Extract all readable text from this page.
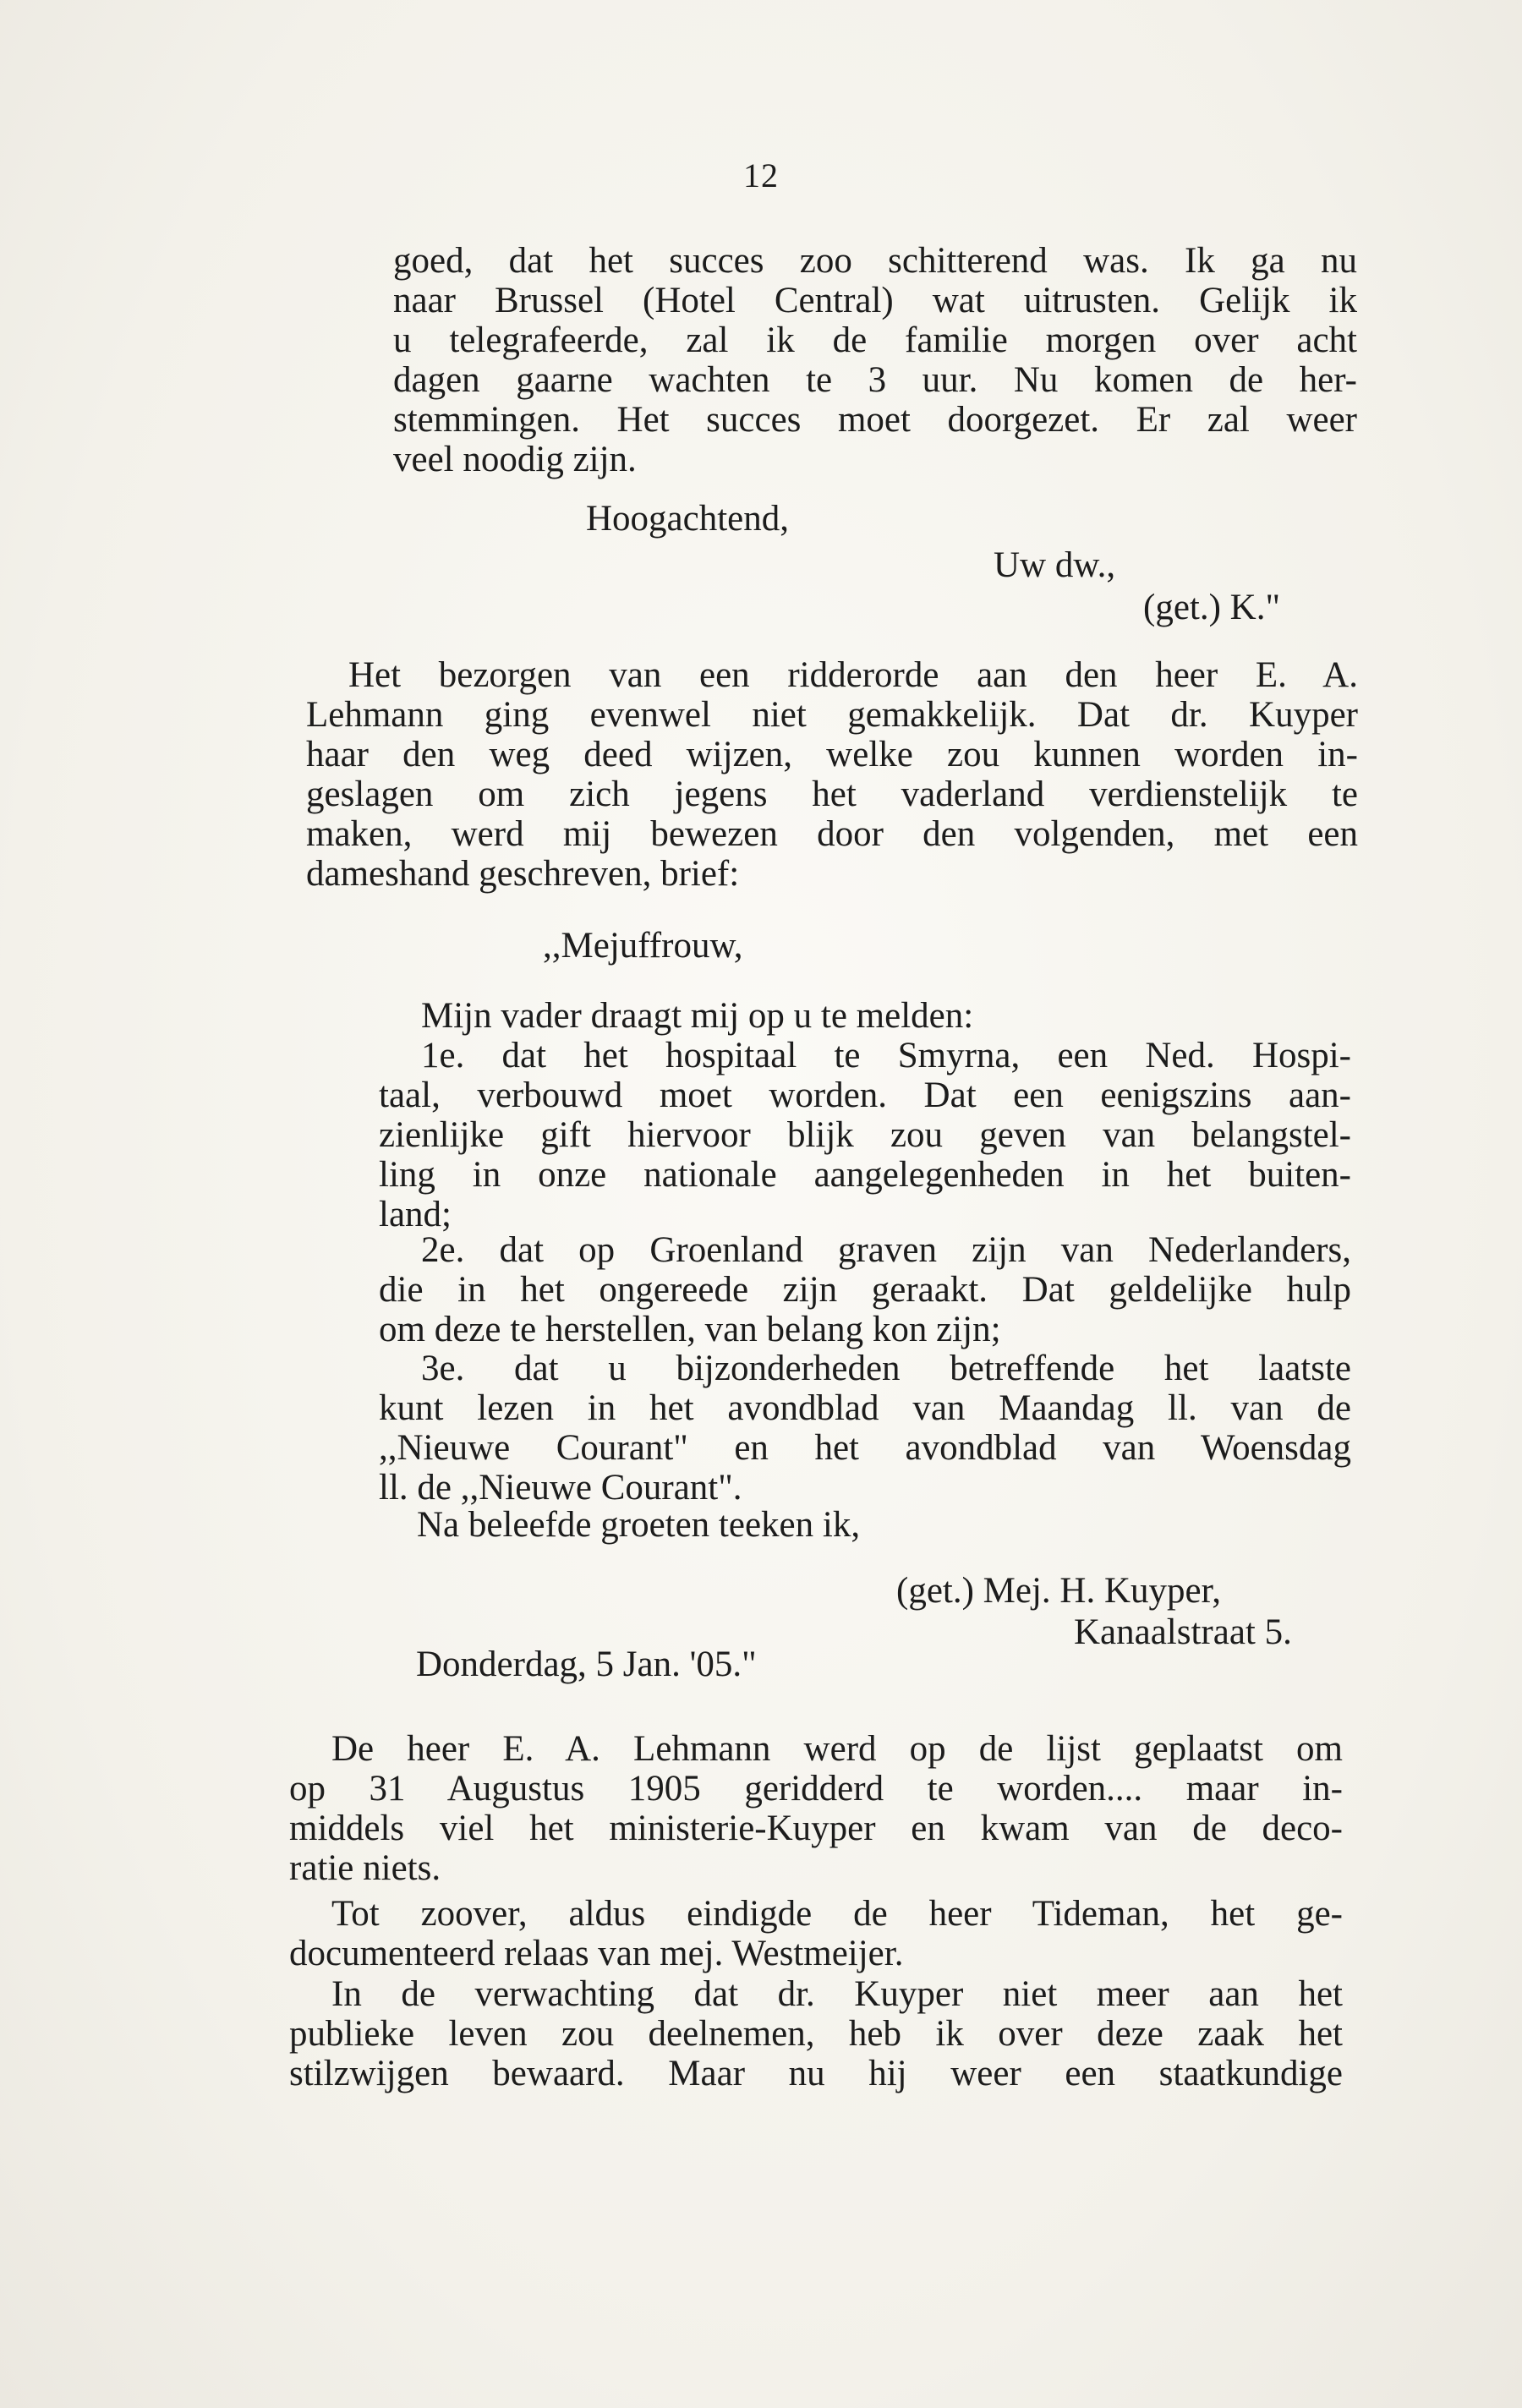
12
goed, dat het succes zoo schitterend was. Ik ga nu
naar Brussel (Hotel Central) wat uitrusten. Gelijk ik
u telegrafeerde, zal ik de familie morgen over acht
dagen gaarne wachten te 3 uur. Nu komen de her-
stemmingen. Het succes moet doorgezet. Er zal weer
veel noodig zijn.
Hoogachtend,
Uw dw.,
(get.) K."
Het bezorgen van een ridderorde aan den heer E. A.
Lehmann ging evenwel niet gemakkelijk. Dat dr. Kuyper
haar den weg deed wijzen, welke zou kunnen worden in-
geslagen om zich jegens het vaderland verdienstelijk te
maken, werd mij bewezen door den volgenden, met een
dameshand geschreven, brief:
,,Mejuffrouw,
Mijn vader draagt mij op u te melden:
1e. dat het hospitaal te Smyrna, een Ned. Hospi-
taal, verbouwd moet worden. Dat een eenigszins aan-
zienlijke gift hiervoor blijk zou geven van belangstel-
ling in onze nationale aangelegenheden in het buiten-
land;
2e. dat op Groenland graven zijn van Nederlanders,
die in het ongereede zijn geraakt. Dat geldelijke hulp
om deze te herstellen, van belang kon zijn;
3e. dat u bijzonderheden betreffende het laatste
kunt lezen in het avondblad van Maandag ll. van de
,,Nieuwe Courant" en het avondblad van Woensdag
ll. de ,,Nieuwe Courant".
Na beleefde groeten teeken ik,
(get.) Mej. H. Kuyper,
Kanaalstraat 5.
Donderdag, 5 Jan. '05."
De heer E. A. Lehmann werd op de lijst geplaatst om
op 31 Augustus 1905 geridderd te worden.... maar in-
middels viel het ministerie-Kuyper en kwam van de deco-
ratie niets.
Tot zoover, aldus eindigde de heer Tideman, het ge-
documenteerd relaas van mej. Westmeijer.
In de verwachting dat dr. Kuyper niet meer aan het
publieke leven zou deelnemen, heb ik over deze zaak het
stilzwijgen bewaard. Maar nu hij weer een staatkundige
